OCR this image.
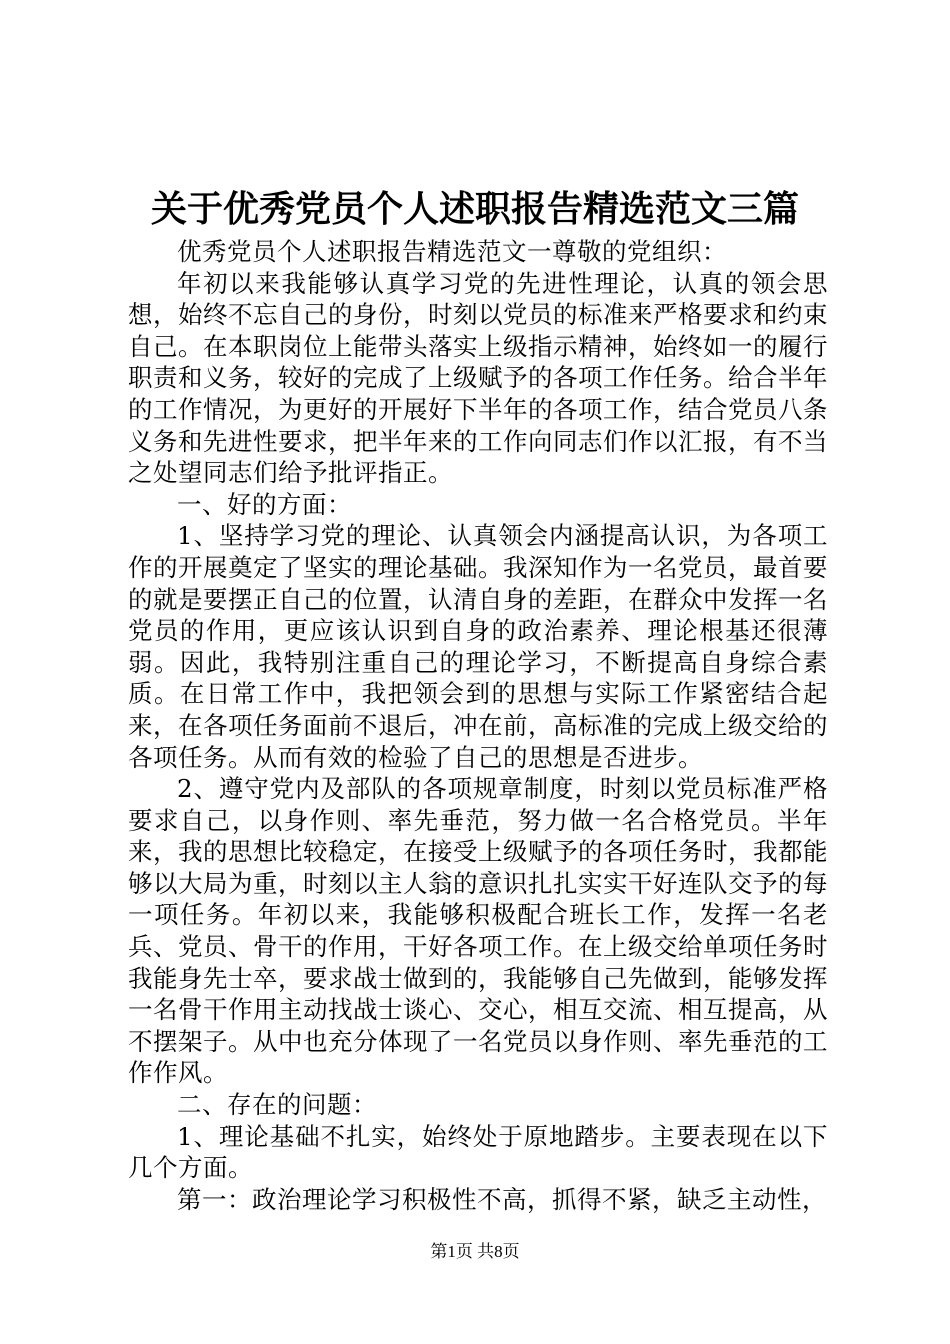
关于优秀党员个人述职报告精选范文三篇

优秀党员个人述职报告精选范文一尊敬的党组织：

年初以来我能够认真学习党的先进性理论，认真的领会思想，始终不忘自己的身份，时刻以党员的标准来严格要求和约束自己。在本职岗位上能带头落实上级指示精神，始终如一的履行职责和义务，较好的完成了上级赋予的各项工作任务。给合半年的工作情况，为更好的开展好下半年的各项工作，结合党员八条义务和先进性要求，把半年来的工作向同志们作以汇报，有不当之处望同志们给予批评指正。

一、好的方面：

1、坚持学习党的理论、认真领会内涵提高认识，为各项工作的开展奠定了坚实的理论基础。我深知作为一名党员，最首要的就是要摆正自己的位置，认清自身的差距，在群众中发挥一名党员的作用，更应该认识到自身的政治素养、理论根基还很薄弱。因此，我特别注重自己的理论学习，不断提高自身综合素质。在日常工作中，我把领会到的思想与实际工作紧密结合起来，在各项任务面前不退后，冲在前，高标准的完成上级交给的各项任务。从而有效的检验了自己的思想是否进步。

2、遵守党内及部队的各项规章制度，时刻以党员标准严格要求自己，以身作则、率先垂范，努力做一名合格党员。半年来，我的思想比较稳定，在接受上级赋予的各项任务时，我都能够以大局为重，时刻以主人翁的意识扎扎实实干好连队交予的每一项任务。年初以来，我能够积极配合班长工作，发挥一名老兵、党员、骨干的作用，干好各项工作。在上级交给单项任务时我能身先士卒，要求战士做到的，我能够自己先做到，能够发挥一名骨干作用主动找战士谈心、交心，相互交流、相互提高，从不摆架子。从中也充分体现了一名党员以身作则、率先垂范的工作作风。

二、存在的问题：

1、理论基础不扎实，始终处于原地踏步。主要表现在以下几个方面。

第一：政治理论学习积极性不高，抓得不紧，缺乏主动性，

第1页 共8页
